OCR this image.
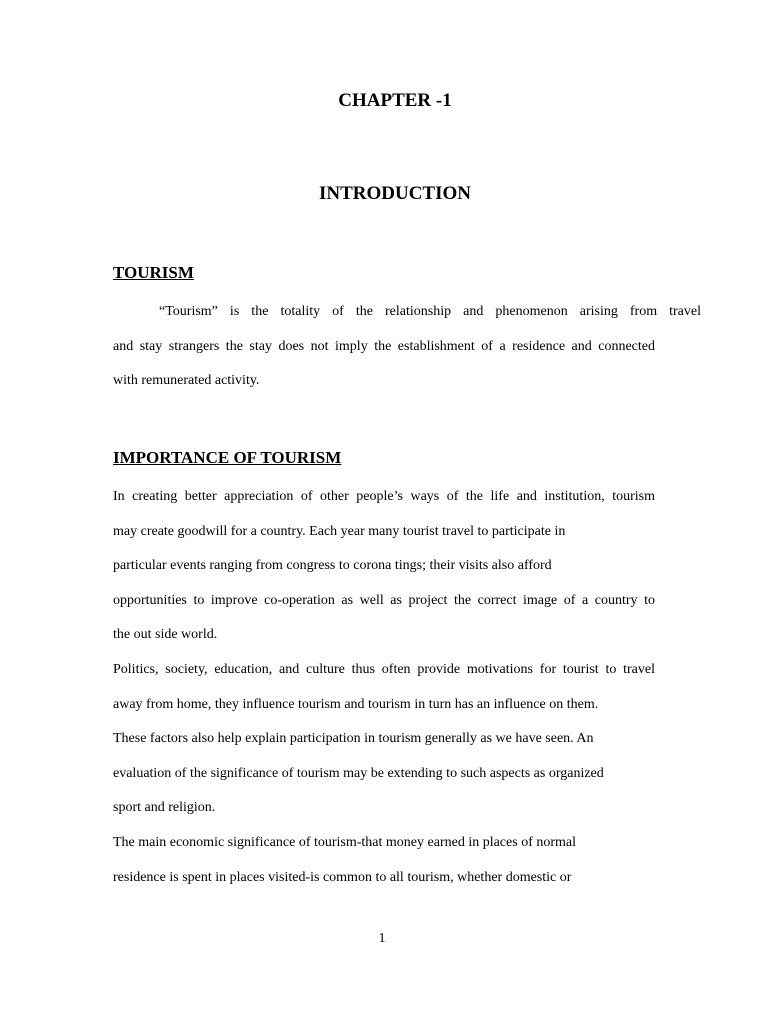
CHAPTER -1
INTRODUCTION
TOURISM

“Tourism” is the totality of the relationship and phenomenon arising from travel
and stay strangers the stay does not imply the establishment of a residence and connected
with remunerated activity.

IMPORTANCE OF TOURISM

In creating better appreciation of other people’s ways of the life and institution, tourism
may create goodwill for a country. Each year many tourist travel to participate in
particular events ranging from congress to corona tings; their visits also afford
opportunities to improve co-operation as well as project the correct image of a country to
the out side world.

Politics, society, education, and culture thus often provide motivations for tourist to travel
away from home, they influence tourism and tourism in turn has an influence on them.
These factors also help explain participation in tourism generally as we have seen. An
evaluation of the significance of tourism may be extending to such aspects as organized
sport and religion.

The main economic significance of tourism-that money earned in places of normal
residence is spent in places visited-is common to all tourism, whether domestic or

1
